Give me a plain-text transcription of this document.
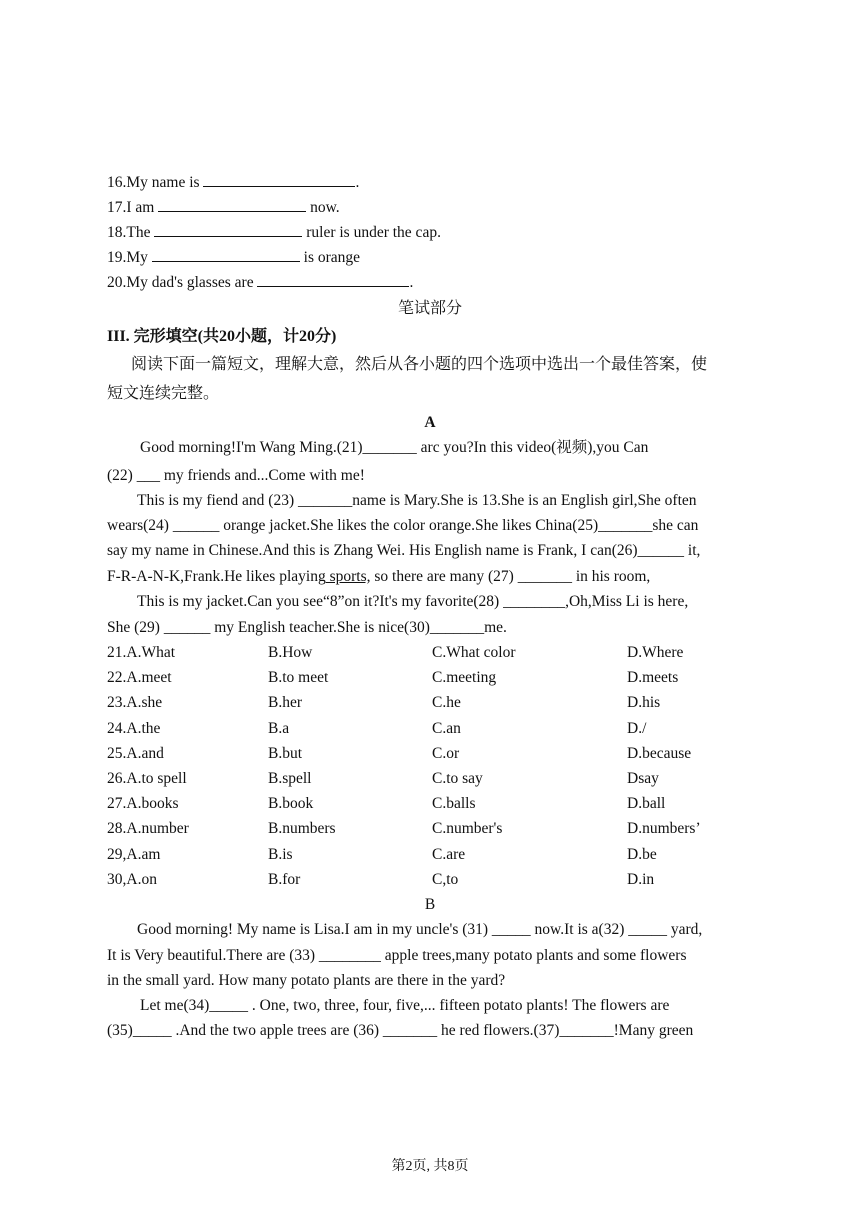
16.My name is	.
17.I am	now.
18.The	ruler is under the cap.
19.My	is orange
20.My dad's glasses are	.
笔试部分
III. 完形填空(共20小题，计20分)
阅读下面一篇短文，理解大意，然后从各小题的四个选项中选出一个最佳答案，使
短文连续完整。
A
Good morning!I'm Wang Ming.(21)_______ arc you?In this video(视频),you Can
(22) ___ my friends and...Come with me!
This is my fiend and (23) _______name is Mary.She is 13.She is an English girl,She often
wears(24) ______ orange jacket.She likes the color orange.She likes China(25)_______she can
say my name in Chinese.And this is Zhang Wei. His English name is Frank, I can(26)______ it,
F-R-A-N-K,Frank.He likes playing sports, so there are many (27) _______ in his room,
This is my jacket.Can you see“8”on it?It's my favorite(28) ________,Oh,Miss Li is here,
She (29) ______ my English teacher.She is nice(30)_______me.
21.A.What	B.How	C.What color	D.Where
22.A.meet	B.to meet	C.meeting	D.meets
23.A.she	B.her	C.he	D.his
24.A.the	B.a	C.an	D./
25.A.and	B.but	C.or	D.because
26.A.to spell	B.spell	C.to say	Dsay
27.A.books	B.book	C.balls	D.ball
28.A.number	B.numbers	C.number's	D.numbers’
29,A.am	B.is	C.are	D.be
30,A.on	B.for	C,to	D.in
B
Good morning! My name is Lisa.I am in my uncle's (31) _____ now.It is a(32) _____ yard,
It is Very beautiful.There are (33) ________ apple trees,many potato plants and some flowers
in the small yard. How many potato plants are there in the yard?
Let me(34)_____ . One, two, three, four, five,... fifteen potato plants! The flowers are
(35)_____ .And the two apple trees are (36) _______ he red flowers.(37)_______!Many green
第2页, 共8页
